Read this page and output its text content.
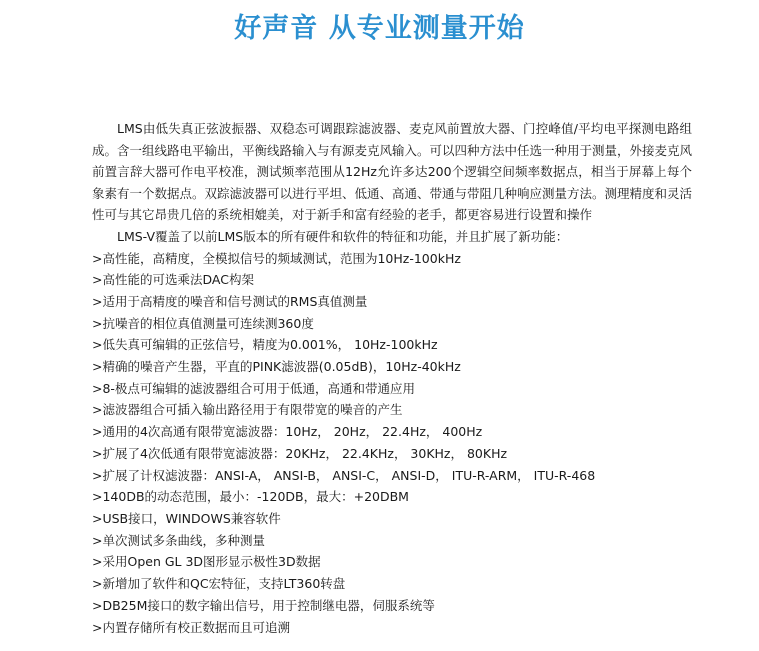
好声音 从专业测量开始

LMS由低失真正弦波振器、双稳态可调跟踪滤波器、麦克风前置放大器、门控峰值/平均电平探测电路组成。含一组线路电平输出，平衡线路输入与有源麦克风输入。可以四种方法中任选一种用于测量，外接麦克风前置言辞大器可作电平校准，测试频率范围从12Hz允许多达200个逻辑空间频率数据点，相当于屏幕上每个象素有一个数据点。双踪滤波器可以进行平坦、低通、高通、带通与带阻几种响应测量方法。测理精度和灵活性可与其它昂贵几倍的系统相媲美，对于新手和富有经验的老手，都更容易进行设置和操作

LMS-V覆盖了以前LMS版本的所有硬件和软件的特征和功能，并且扩展了新功能：

>高性能，高精度，全模拟信号的频域测试，范围为10Hz-100kHz
>高性能的可选乘法DAC构架
>适用于高精度的噪音和信号测试的RMS真值测量
>抗噪音的相位真值测量可连续测360度
>低失真可编辑的正弦信号，精度为0.001%， 10Hz-100kHz
>精确的噪音产生器，平直的PINK滤波器(0.05dB)，10Hz-40kHz
>8-极点可编辑的滤波器组合可用于低通，高通和带通应用
>滤波器组合可插入输出路径用于有限带宽的噪音的产生
>通用的4次高通有限带宽滤波器：10Hz， 20Hz， 22.4Hz， 400Hz
>扩展了4次低通有限带宽滤波器：20KHz， 22.4KHz， 30KHz， 80KHz
>扩展了计权滤波器：ANSI-A， ANSI-B， ANSI-C， ANSI-D， ITU-R-ARM， ITU-R-468
>140DB的动态范围，最小：-120DB，最大：+20DBM
>USB接口，WINDOWS兼容软件
>单次测试多条曲线，多种测量
>采用Open GL 3D图形显示极性3D数据
>新增加了软件和QC宏特征，支持LT360转盘
>DB25M接口的数字输出信号，用于控制继电器，伺服系统等
>内置存储所有校正数据而且可追溯
